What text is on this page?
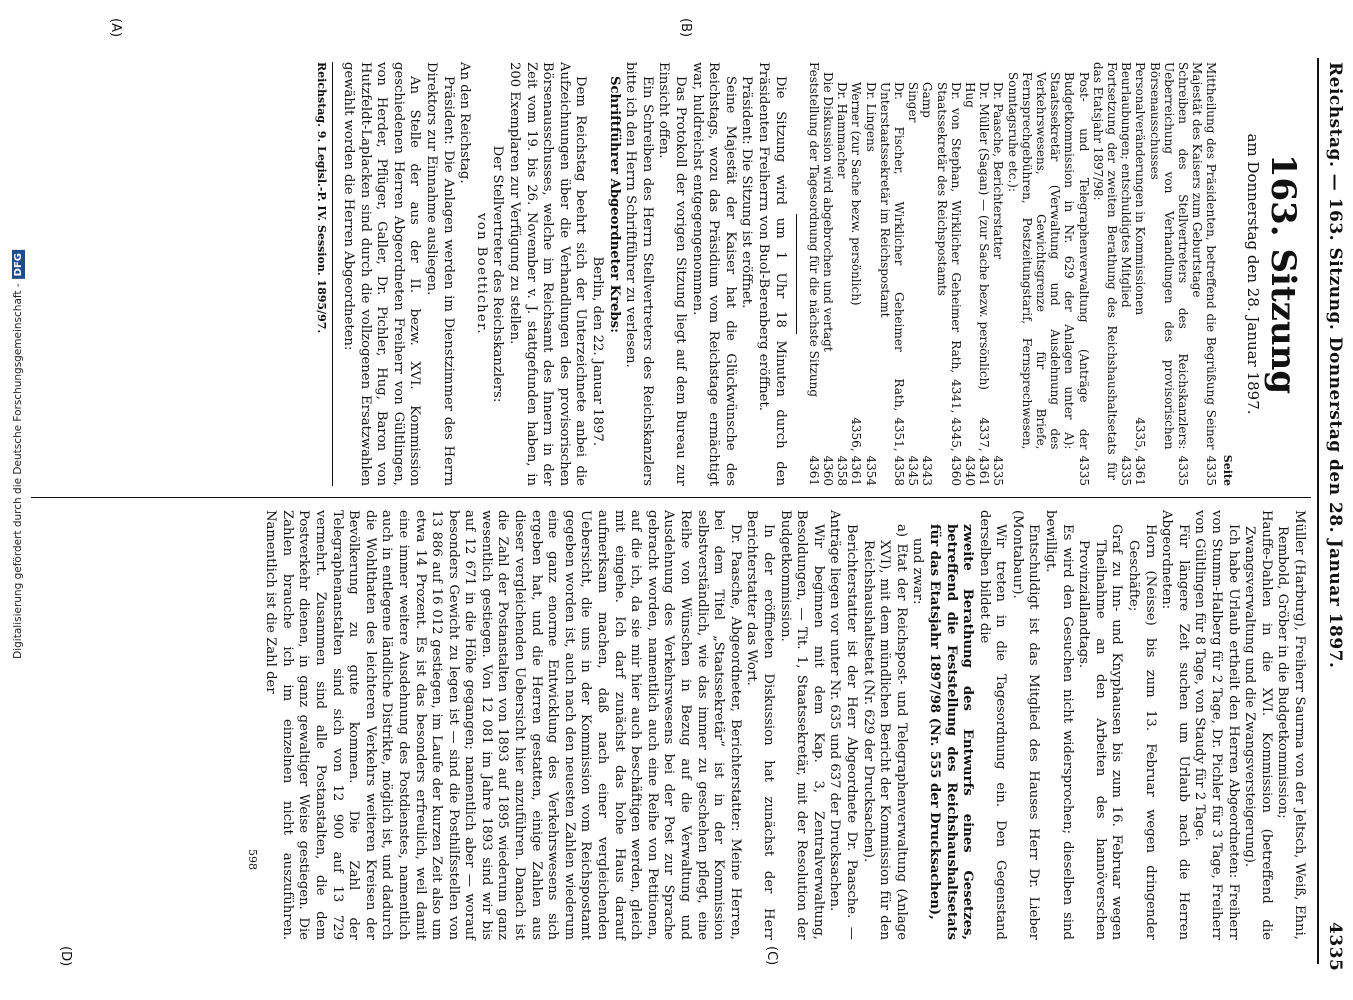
Reichstag. — 163. Sitzung. Donnerstag den 28. Januar 1897.
4335
(A)	(B)
(C)
(D)
163. Sitzung
am Donnerstag den 28. Januar 1897.
Seite
Mittheilung des Präsidenten, betreffend die Begrüßung Seiner Majestät des Kaisers zum Geburtstage
4335
Schreiben des Stellvertreters des Reichskanzlers: Ueberreichung von Verhandlungen des provisorischen Börsenausschusses
4335
Personalveränderungen in Kommissionen
4335, 4361
Beurlaubungen; entschuldigtes Mitglied
4335
Fortsetzung der zweiten Berathung des Reichshaushaltsetats für das Etatsjahr 1897/98:
Post- und Telegraphenverwaltung (Anträge der Budgetkommission in Nr. 629 der Anlagen unter A): Staatssekretär (Verwaltung und Ausdehnung des Verkehrswesens, Gewichtsgrenze für Briefe, Fernsprechgebühren, Postzeitungstarif, Fernsprechwesen, Sonntagsruhe etc.):
4335
Dr. Paasche, Berichterstatter
4335
Dr. Müller (Sagan) — (zur Sache bezw. persönlich)
4337, 4361
Hug
4340
Dr. von Stephan, Wirklicher Geheimer Rath, Staatssekretär des Reichspostamts
4341, 4345, 4360
Gamp
4343
Singer
4345
Dr. Fischer, Wirklicher Geheimer Rath, Unterstaatssekretär im Reichspostamt
4351, 4358
Dr. Lingens
4354
Werner (zur Sache bezw. persönlich)
4356, 4361
Dr. Hammacher
4358
Die Diskussion wird abgebrochen und vertagt
4360
Feststellung der Tagesordnung für die nächste Sitzung
4361

Die Sitzung wird um 1 Uhr 18 Minuten durch den Präsidenten Freiherrn von Buol-Berenberg eröffnet.

Präsident: Die Sitzung ist eröffnet.

Seine Majestät der Kaiser hat die Glückwünsche des Reichstags, wozu das Präsidium vom Reichstage ermächtigt war, huldreichst entgegengenommen.

Das Protokoll der vorigen Sitzung liegt auf dem Bureau zur Einsicht offen.

Ein Schreiben des Herrn Stellvertreters des Reichskanzlers bitte ich den Herrn Schriftführer zu verlesen.

Schriftführer Abgeordneter Krebs:

Berlin, den 22. Januar 1897.

Dem Reichstag beehrt sich der Unterzeichnete anbei die Aufzeichnungen über die Verhandlungen des provisorischen Börsenausschusses, welche im Reichsamt des Innern in der Zeit vom 19. bis 26. November v. J. stattgefunden haben, in 200 Exemplaren zur Verfügung zu stellen.

Der Stellvertreter des Reichskanzlers:

von Boetticher.

An den Reichstag.

Präsident: Die Anlagen werden im Dienstzimmer des Herrn Direktors zur Einnahme ausliegen.

An Stelle der aus der II. bezw. XVI. Kommission geschiedenen Herren Abgeordneten Freiherr von Gültlingen, von Herder, Pflüger, Galler, Dr. Pichler, Hug, Baron von Hutzfeldt-Laplacken sind durch die vollzogenen Ersatzwahlen gewählt worden die Herren Abgeordneten:

Reichstag. 9. Legisl.-P. IV. Session. 1895/97.

Müller (Harburg), Freiherr Saurma von der Jeltsch, Weiß, Ehni, Rembold, Gröber in die Budgetkommission;

Hauffe-Dahlen in die XVI. Kommission (betreffend die Zwangsverwaltung und die Zwangsversteigerung).

Ich habe Urlaub ertheilt den Herren Abgeordneten: Freiherr von Stumm-Halberg für 2 Tage, Dr. Pichler für 3 Tage, Freiherr von Gültlingen für 8 Tage, von Staudy für 2 Tage.

Für längere Zeit suchen um Urlaub nach die Herren Abgeordneten:

Horn (Neisse) bis zum 13. Februar wegen dringender Geschäfte;

Graf zu Inn- und Knyphausen bis zum 16. Februar wegen Theilnahme an den Arbeiten des hannöverschen Provinziallandtags.

Es wird den Gesuchen nicht widersprochen; dieselben sind bewilligt.

Entschuldigt ist das Mitglied des Hauses Herr Dr. Lieber (Montabaur).

Wir treten in die Tagesordnung ein. Den Gegenstand derselben bildet die

zweite Berathung des Entwurfs eines Gesetzes, betreffend die Feststellung des Reichshaushaltsetats für das Etatsjahr 1897/98 (Nr. 555 der Drucksachen),

und zwar:

a) Etat der Reichspost- und Telegraphenverwaltung (Anlage XVI), mit dem mündlichen Bericht der Kommission für den Reichshaushaltsetat (Nr. 629 der Drucksachen).

Berichterstatter ist der Herr Abgeordnete Dr. Paasche. — Anträge liegen vor unter Nr. 635 und 637 der Drucksachen.

Wir beginnen mit dem Kap. 3, Zentralverwaltung, Besoldungen, — Tit. 1, Staatssekretär, mit der Resolution der Budgetkommission.

In der eröffneten Diskussion hat zunächst der Herr Berichterstatter das Wort.

Dr. Paasche, Abgeordneter, Berichterstatter: Meine Herren, bei dem Titel „Staatssekretär“ ist in der Kommission selbstverständlich, wie das immer zu geschehen pflegt, eine Reihe von Wünschen in Bezug auf die Verwaltung und Ausdehnung des Verkehrswesens bei der Post zur Sprache gebracht worden, namentlich auch eine Reihe von Petitionen, auf die ich, da sie mir hier auch beschäftigen werden, gleich mit eingehe. Ich darf zunächst das hohe Haus darauf aufmerksam machen, daß nach einer vergleichenden Uebersicht, die uns in der Kommission vom Reichspostamt gegeben worden ist, auch nach den neuesten Zahlen wiederum eine ganz enorme Entwicklung des Verkehrswesens sich ergeben hat, und die Herren gestatten, einige Zahlen aus dieser vergleichenden Uebersicht hier anzuführen. Danach ist die Zahl der Postanstalten von 1893 auf 1895 wiederum ganz wesentlich gestiegen. Von 12 081 im Jahre 1893 sind wir bis auf 12 671 in die Höhe gegangen; namentlich aber — worauf besonders Gewicht zu legen ist — sind die Posthilfsstellen von 13 886 auf 16 012 gestiegen, im Laufe der kurzen Zeit also um etwa 14 Prozent. Es ist das besonders erfreulich, weil damit eine immer weitere Ausdehnung des Postdienstes, namentlich auch in entlegene ländliche Distrikte, möglich ist, und dadurch die Wohlthaten des leichteren Verkehrs weiteren Kreisen der Bevölkerung zu gute kommen. Die Zahl der Telegraphenanstalten sind sich von 12 900 auf 13 729 vermehrt. Zusammen sind alle Postanstalten, die dem Postverkehr dienen, in ganz gewaltiger Weise gestiegen. Die Zahlen brauche ich im einzelnen nicht auszuführen. Namentlich ist die Zahl der

598
Digitalisierung gefördert durch die Deutsche Forschungsgemeinschaft -DFG
